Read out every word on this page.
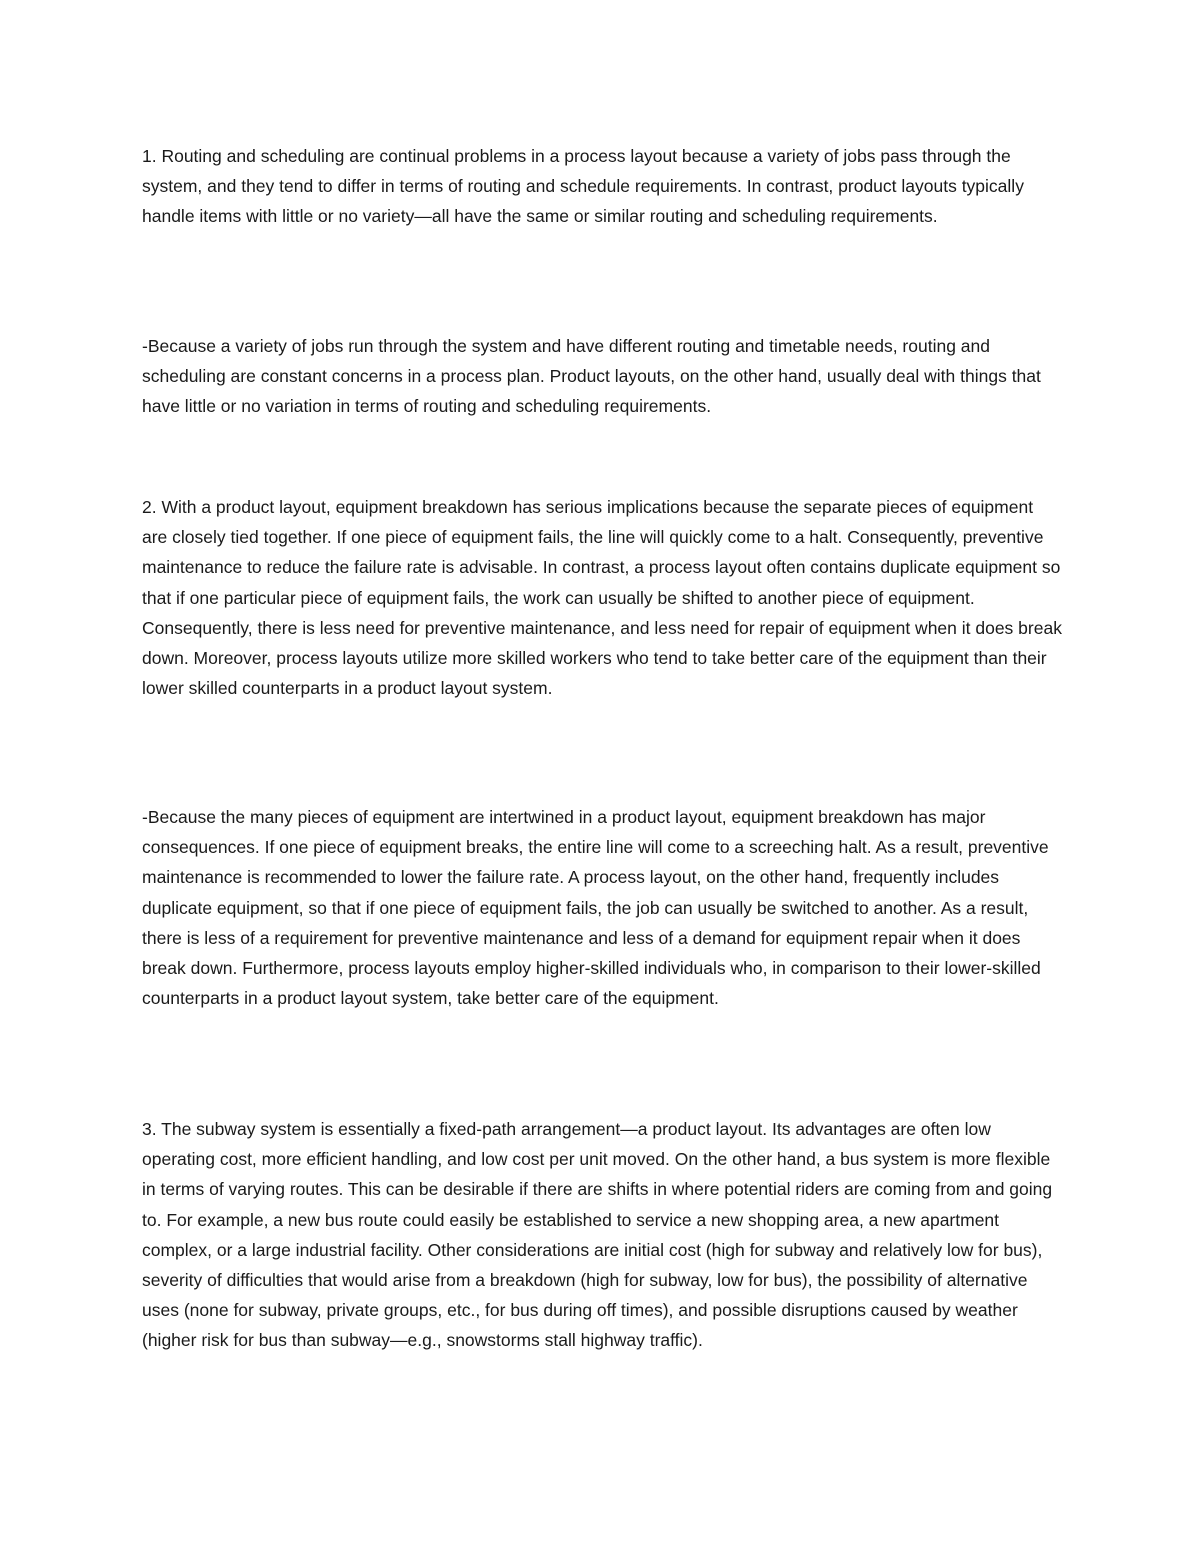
1. Routing and scheduling are continual problems in a process layout because a variety of jobs pass through the system, and they tend to differ in terms of routing and schedule requirements. In contrast, product layouts typically handle items with little or no variety—all have the same or similar routing and scheduling requirements.

-Because a variety of jobs run through the system and have different routing and timetable needs, routing and scheduling are constant concerns in a process plan. Product layouts, on the other hand, usually deal with things that have little or no variation in terms of routing and scheduling requirements.

2. With a product layout, equipment breakdown has serious implications because the separate pieces of equipment are closely tied together. If one piece of equipment fails, the line will quickly come to a halt. Consequently, preventive maintenance to reduce the failure rate is advisable. In contrast, a process layout often contains duplicate equipment so that if one particular piece of equipment fails, the work can usually be shifted to another piece of equipment. Consequently, there is less need for preventive maintenance, and less need for repair of equipment when it does break down. Moreover, process layouts utilize more skilled workers who tend to take better care of the equipment than their lower skilled counterparts in a product layout system.

-Because the many pieces of equipment are intertwined in a product layout, equipment breakdown has major consequences. If one piece of equipment breaks, the entire line will come to a screeching halt. As a result, preventive maintenance is recommended to lower the failure rate. A process layout, on the other hand, frequently includes duplicate equipment, so that if one piece of equipment fails, the job can usually be switched to another. As a result, there is less of a requirement for preventive maintenance and less of a demand for equipment repair when it does break down. Furthermore, process layouts employ higher-skilled individuals who, in comparison to their lower-skilled counterparts in a product layout system, take better care of the equipment.

3. The subway system is essentially a fixed-path arrangement—a product layout. Its advantages are often low operating cost, more efficient handling, and low cost per unit moved. On the other hand, a bus system is more flexible in terms of varying routes. This can be desirable if there are shifts in where potential riders are coming from and going to. For example, a new bus route could easily be established to service a new shopping area, a new apartment complex, or a large industrial facility. Other considerations are initial cost (high for subway and relatively low for bus), severity of difficulties that would arise from a breakdown (high for subway, low for bus), the possibility of alternative uses (none for subway, private groups, etc., for bus during off times), and possible disruptions caused by weather (higher risk for bus than subway—e.g., snowstorms stall highway traffic).
